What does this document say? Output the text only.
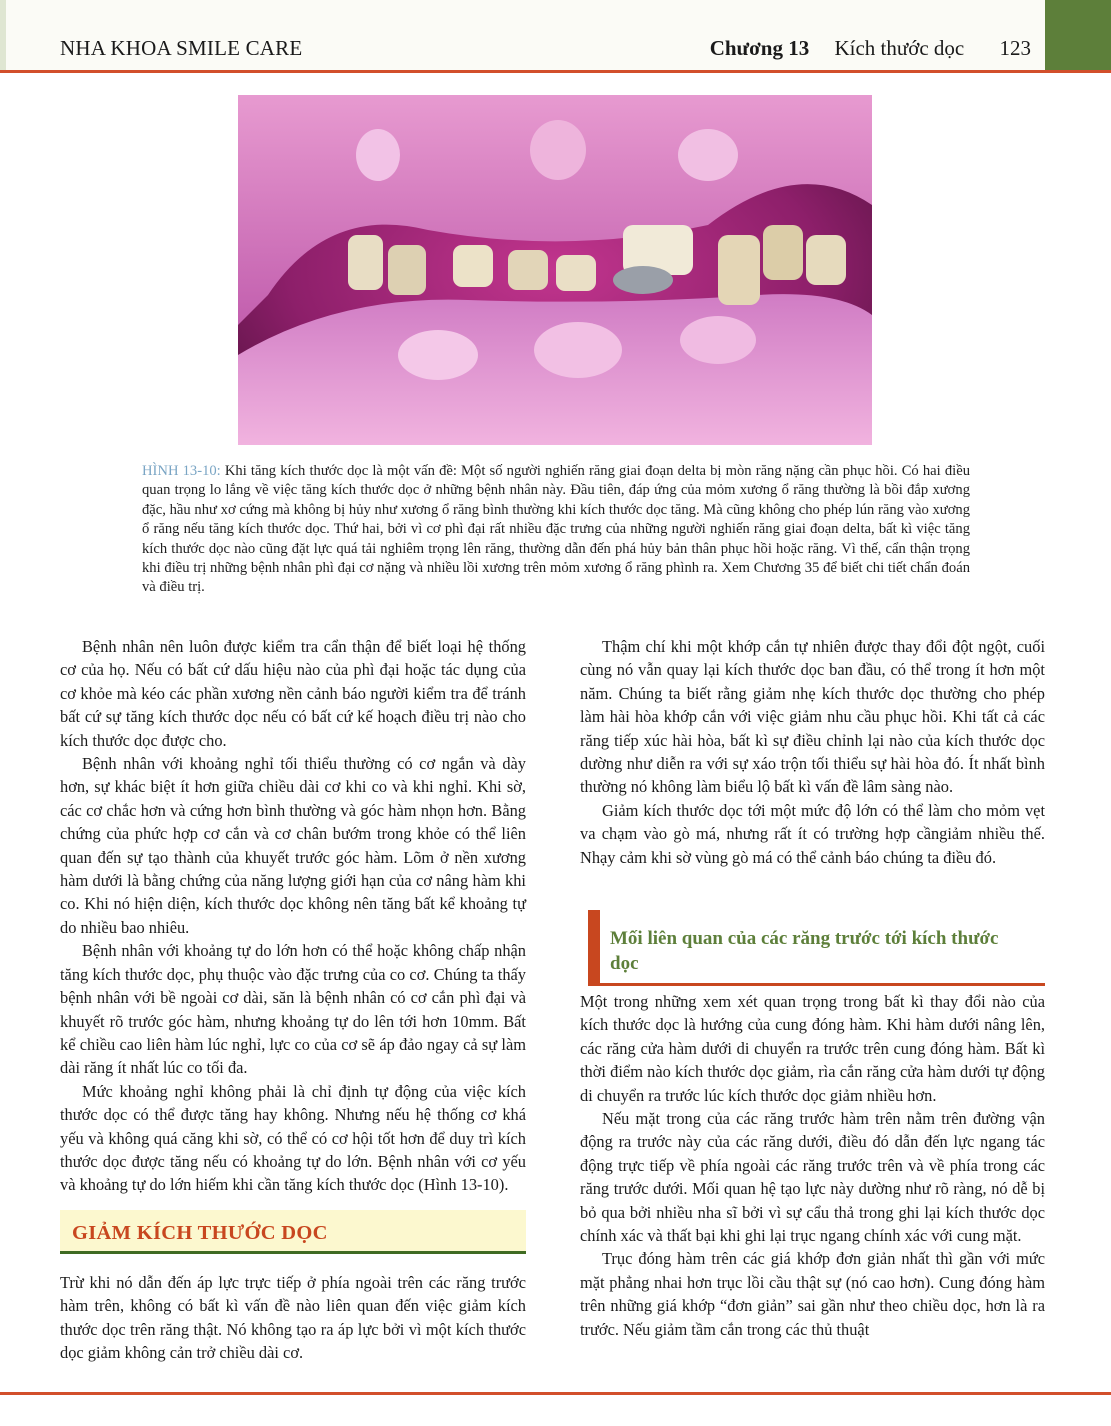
NHA KHOA SMILE CARE	Chương 13 Kích thước dọc 123
HÌNH 13-10: Khi tăng kích thước dọc là một vấn đề: Một số người nghiến răng giai đoạn delta bị mòn răng nặng cần phục hồi. Có hai điều quan trọng lo lắng về việc tăng kích thước dọc ở những bệnh nhân này. Đầu tiên, đáp ứng của mỏm xương ổ răng thường là bồi đắp xương đặc, hầu như xơ cứng mà không bị hủy như xương ổ răng bình thường khi kích thước dọc tăng. Mà cũng không cho phép lún răng vào xương ổ răng nếu tăng kích thước dọc. Thứ hai, bởi vì cơ phì đại rất nhiều đặc trưng của những người nghiến răng giai đoạn delta, bất kì việc tăng kích thước dọc nào cũng đặt lực quá tải nghiêm trọng lên răng, thường dẫn đến phá hủy bản thân phục hồi hoặc răng. Vì thế, cẩn thận trọng khi điều trị những bệnh nhân phì đại cơ nặng và nhiều lồi xương trên mỏm xương ổ răng phình ra. Xem Chương 35 để biết chi tiết chẩn đoán và điều trị.

Bệnh nhân nên luôn được kiểm tra cẩn thận để biết loại hệ thống cơ của họ. Nếu có bất cứ dấu hiệu nào của phì đại hoặc tác dụng của cơ khỏe mà kéo các phần xương nền cảnh báo người kiểm tra để tránh bất cứ sự tăng kích thước dọc nếu có bất cứ kế hoạch điều trị nào cho kích thước dọc được cho.

Bệnh nhân với khoảng nghỉ tối thiểu thường có cơ ngắn và dày hơn, sự khác biệt ít hơn giữa chiều dài cơ khi co và khi nghỉ. Khi sờ, các cơ chắc hơn và cứng hơn bình thường và góc hàm nhọn hơn. Bằng chứng của phức hợp cơ cắn và cơ chân bướm trong khỏe có thể liên quan đến sự tạo thành của khuyết trước góc hàm. Lõm ở nền xương hàm dưới là bằng chứng của năng lượng giới hạn của cơ nâng hàm khi co. Khi nó hiện diện, kích thước dọc không nên tăng bất kể khoảng tự do nhiều bao nhiêu.

Bệnh nhân với khoảng tự do lớn hơn có thể hoặc không chấp nhận tăng kích thước dọc, phụ thuộc vào đặc trưng của co cơ. Chúng ta thấy bệnh nhân với bề ngoài cơ dài, săn là bệnh nhân có cơ cắn phì đại và khuyết rõ trước góc hàm, nhưng khoảng tự do lên tới hơn 10mm. Bất kể chiều cao liên hàm lúc nghỉ, lực co của cơ sẽ áp đảo ngay cả sự làm dài răng ít nhất lúc co tối đa.

Mức khoảng nghỉ không phải là chỉ định tự động của việc kích thước dọc có thể được tăng hay không. Nhưng nếu hệ thống cơ khá yếu và không quá căng khi sờ, có thể có cơ hội tốt hơn để duy trì kích thước dọc được tăng nếu có khoảng tự do lớn. Bệnh nhân với cơ yếu và khoảng tự do lớn hiếm khi cần tăng kích thước dọc (Hình 13-10).

GIẢM KÍCH THƯỚC DỌC

Trừ khi nó dẫn đến áp lực trực tiếp ở phía ngoài trên các răng trước hàm trên, không có bất kì vấn đề nào liên quan đến việc giảm kích thước dọc trên răng thật. Nó không tạo ra áp lực bởi vì một kích thước dọc giảm không cản trở chiều dài cơ.

Thậm chí khi một khớp cắn tự nhiên được thay đổi đột ngột, cuối cùng nó vẫn quay lại kích thước dọc ban đầu, có thể trong ít hơn một năm. Chúng ta biết rằng giảm nhẹ kích thước dọc thường cho phép làm hài hòa khớp cắn với việc giảm nhu cầu phục hồi. Khi tất cả các răng tiếp xúc hài hòa, bất kì sự điều chỉnh lại nào của kích thước dọc dường như diễn ra với sự xáo trộn tối thiểu sự hài hòa đó. Ít nhất bình thường nó không làm biểu lộ bất kì vấn đề lâm sàng nào.

Giảm kích thước dọc tới một mức độ lớn có thể làm cho mỏm vẹt va chạm vào gò má, nhưng rất ít có trường hợp cầngiảm nhiều thế. Nhạy cảm khi sờ vùng gò má có thể cảnh báo chúng ta điều đó.

Mối liên quan của các răng trước tới kích thước dọc

Một trong những xem xét quan trọng trong bất kì thay đổi nào của kích thước dọc là hướng của cung đóng hàm. Khi hàm dưới nâng lên, các răng cửa hàm dưới di chuyển ra trước trên cung đóng hàm. Bất kì thời điểm nào kích thước dọc giảm, rìa cắn răng cửa hàm dưới tự động di chuyển ra trước lúc kích thước dọc giảm nhiều hơn.

Nếu mặt trong của các răng trước hàm trên nằm trên đường vận động ra trước này của các răng dưới, điều đó dẫn đến lực ngang tác động trực tiếp về phía ngoài các răng trước trên và về phía trong các răng trước dưới. Mối quan hệ tạo lực này dường như rõ ràng, nó dễ bị bỏ qua bởi nhiều nha sĩ bởi vì sự cẩu thả trong ghi lại kích thước dọc chính xác và thất bại khi ghi lại trục ngang chính xác với cung mặt.

Trục đóng hàm trên các giá khớp đơn giản nhất thì gần với mức mặt phẳng nhai hơn trục lồi cầu thật sự (nó cao hơn). Cung đóng hàm trên những giá khớp “đơn giản” sai gần như theo chiều dọc, hơn là ra trước. Nếu giảm tầm cắn trong các thủ thuật
